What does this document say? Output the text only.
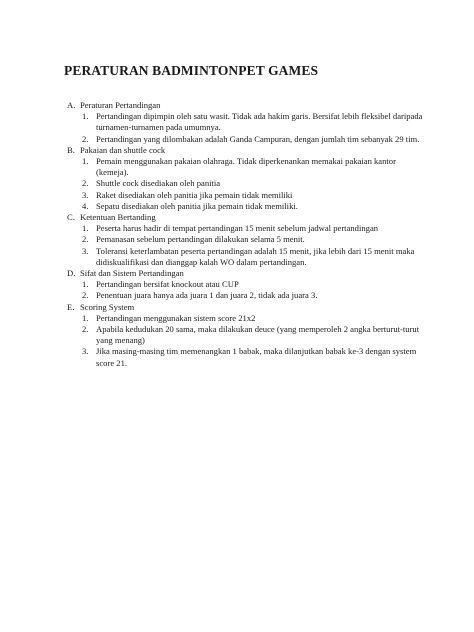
PERATURAN BADMINTONPET GAMES
A. Peraturan Pertandingan
1. Pertandingan dipimpin oleh satu wasit. Tidak ada hakim garis. Bersifat lebih fleksibel daripada turnamen-turnamen pada umumnya.
2. Pertandingan yang dilombakan adalah Ganda Campuran, dengan jumlah tim sebanyak 29 tim.
B. Pakaian dan shuttle cock
1. Pemain menggunakan pakaian olahraga. Tidak diperkenankan memakai pakaian kantor (kemeja).
2. Shuttle cock disediakan oleh panitia
3. Raket disediakan oleh panitia jika pemain tidak memiliki
4. Sepatu disediakan oleh panitia jika pemain tidak memiliki.
C. Ketentuan Bertanding
1. Peserta harus hadir di tempat pertandingan 15 menit sebelum jadwal pertandingan
2. Pemanasan sebelum pertandingan dilakukan selama 5 menit.
3. Toleransi keterlambatan peserta pertandingan adalah 15 menit, jika lebih dari 15 menit maka didiskualifikasi dan dianggap kalah WO dalam pertandingan.
D. Sifat dan Sistem Pertandingan
1. Pertandingan bersifat knockout atau CUP
2. Penentuan juara hanya ada juara 1 dan juara 2, tidak ada juara 3.
E. Scoring System
1. Pertandingan menggunakan sistem score 21x2
2. Apabila kedudukan 20 sama, maka dilakukan deuce (yang memperoleh 2 angka berturut-turut yang menang)
3. Jika masing-masing tim memenangkan 1 babak, maka dilanjutkan babak ke-3 dengan system score 21.
